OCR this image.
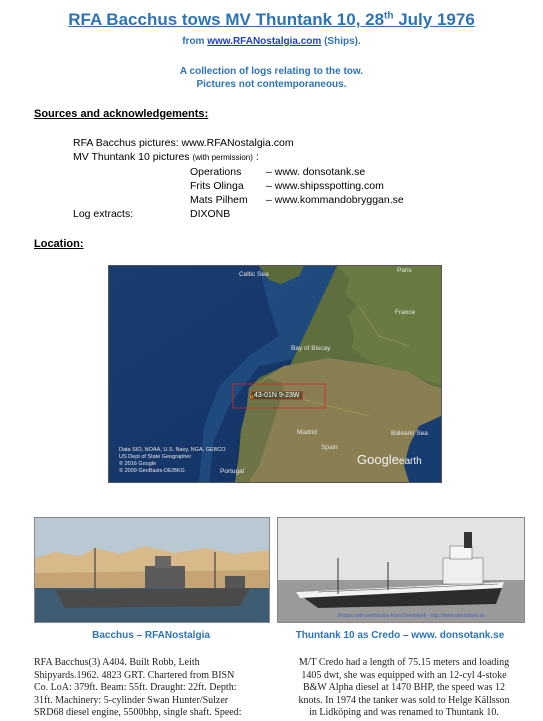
RFA Bacchus tows MV Thuntank 10, 28th July 1976
from www.RFANostalgia.com (Ships).
A collection of logs relating to the tow.
Pictures not contemporaneous.
Sources and acknowledgements:
RFA Bacchus pictures: www.RFANostalgia.com
MV Thuntank 10 pictures (with permission) :
Operations – www. donsotank.se
Frits Olinga – www.shipsspotting.com
Mats Pilhem – www.kommandobryggan.se
Log extracts:	DIXONB
Location:
Celtic Sea
Paris
France
Bay of Biscay
Spain
Portugal
Balearic Sea
Madrid
43-01N 9-23W
Data SIO, NOAA, U.S. Navy, NGA, GEBCO
US Dept of State Geographer
© 2016 Google
© 2009 GeoBasis-DE/BKG
Googleearth
Picture with permission from Donsötank - http://www.donsotank.se
Bacchus – RFANostalgia	Thuntank 10 as Credo – www. donsotank.se
RFA Bacchus(3) A404. Built Robb, Leith
Shipyards.1962. 4823 GRT. Chartered from BISN
Co. LoA: 379ft. Beam: 55ft. Draught: 22ft. Depth:
31ft. Machinery: 5-cylinder Swan Hunter/Sulzer
SRD68 diesel engine, 5500bhp, single shaft. Speed:
M/T Credo had a length of 75.15 meters and loading
1405 dwt, she was equipped with an 12-cyl 4-stoke
B&W Alpha diesel at 1470 BHP, the speed was 12
knots. In 1974 the tanker was sold to Helge Källsson
in Lidköping and was renamed to Thuntank 10.
